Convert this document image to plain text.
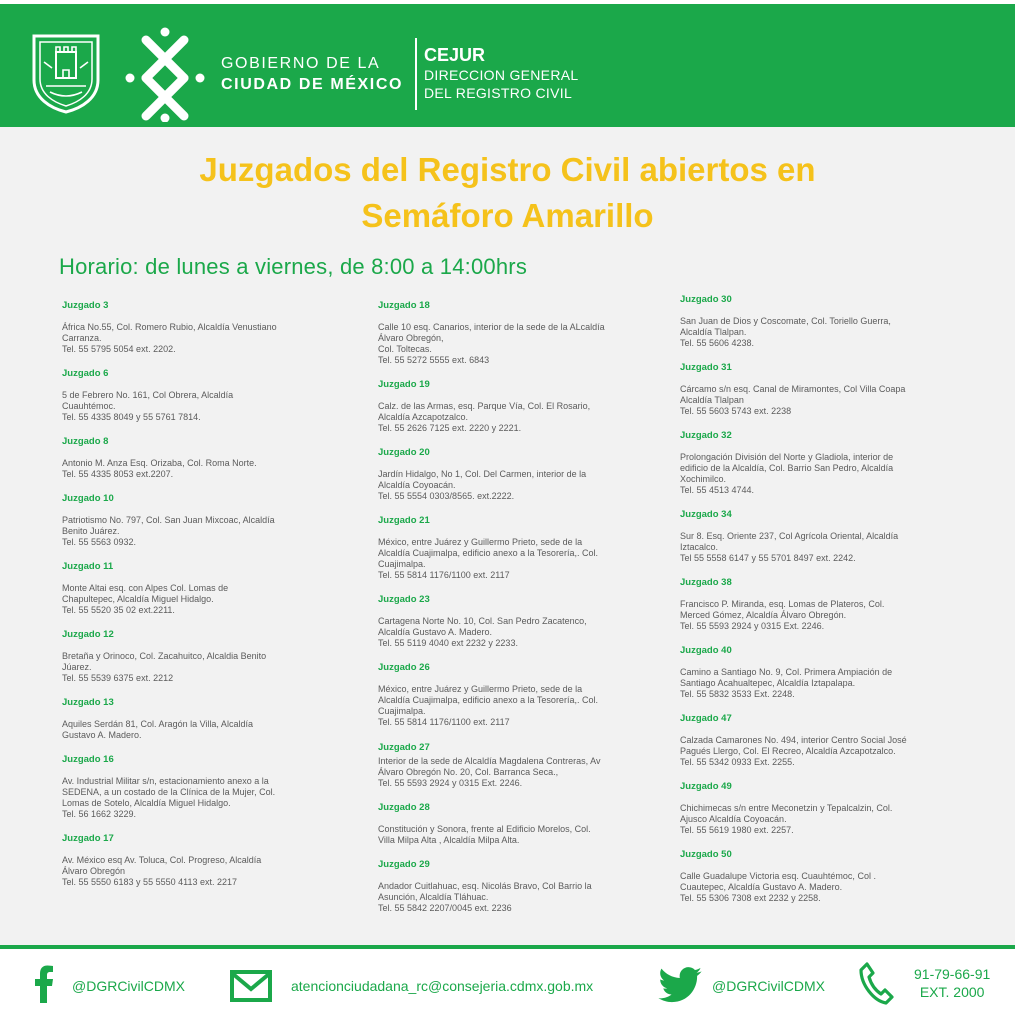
GOBIERNO DE LA
CIUDAD DE MÉXICO
CEJUR
DIRECCION GENERAL
DEL REGISTRO CIVIL
Juzgados del Registro Civil abiertos en
Semáforo Amarillo
Horario: de lunes a viernes, de 8:00 a 14:00hrs
Juzgado 3
África No.55, Col. Romero Rubio, Alcaldía Venustiano
Carranza.
Tel. 55 5795 5054 ext. 2202.
Juzgado 6
5 de Febrero No. 161, Col Obrera, Alcaldía
Cuauhtémoc.
Tel. 55 4335 8049 y 55 5761 7814.
Juzgado 8
Antonio M. Anza Esq. Orizaba, Col. Roma Norte.
Tel. 55 4335 8053 ext.2207.
Juzgado 10
Patriotismo No. 797, Col. San Juan Mixcoac, Alcaldía
Benito Juárez.
Tel. 55 5563 0932.
Juzgado 11
Monte Altai esq. con Alpes Col. Lomas de
Chapultepec, Alcaldía Miguel Hidalgo.
Tel. 55 5520 35 02 ext.2211.
Juzgado 12
Bretaña y Orinoco, Col. Zacahuitco, Alcaldia Benito
Júarez.
Tel. 55 5539 6375 ext. 2212
Juzgado 13
Aquiles Serdán 81, Col. Aragón la Villa, Alcaldía
Gustavo A. Madero.
Juzgado 16
Av. Industrial Militar s/n, estacionamiento anexo a la
SEDENA, a un costado de la Clínica de la Mujer, Col.
Lomas de Sotelo, Alcaldía Miguel Hidalgo.
Tel. 56 1662 3229.
Juzgado 17
Av. México esq Av. Toluca, Col. Progreso, Alcaldía
Álvaro Obregón
Tel. 55 5550 6183 y 55 5550 4113 ext. 2217
Juzgado 18
Calle 10 esq. Canarios, interior de la sede de la ALcaldía
Álvaro Obregón,
Col. Toltecas.
Tel. 55 5272 5555 ext. 6843
Juzgado 19
Calz. de las Armas, esq. Parque Vía, Col. El Rosario,
Alcaldía Azcapotzalco.
Tel. 55 2626 7125 ext. 2220 y 2221.
Juzgado 20
Jardín Hidalgo, No 1, Col. Del Carmen, interior de la
Alcaldía Coyoacán.
Tel. 55 5554 0303/8565. ext.2222.
Juzgado 21
México, entre Juárez y Guillermo Prieto, sede de la
Alcaldía Cuajimalpa, edificio anexo a la Tesorería,. Col.
Cuajimalpa.
Tel. 55 5814 1176/1100 ext. 2117
Juzgado 23
Cartagena Norte No. 10, Col. San Pedro Zacatenco,
Alcaldía Gustavo A. Madero.
Tel. 55 5119 4040 ext 2232 y 2233.
Juzgado 26
México, entre Juárez y Guillermo Prieto, sede de la
Alcaldía Cuajimalpa, edificio anexo a la Tesorería,. Col.
Cuajimalpa.
Tel. 55 5814 1176/1100 ext. 2117
Juzgado 27
Interior de la sede de Alcaldía Magdalena Contreras, Av
Álvaro Obregón No. 20, Col. Barranca Seca.,
Tel. 55 5593 2924 y 0315 Ext. 2246.
Juzgado 28
Constitución y Sonora, frente al Edificio Morelos, Col.
Villa Milpa Alta , Alcaldía Milpa Alta.
Juzgado 29
Andador Cuitlahuac, esq. Nicolás Bravo, Col Barrio la
Asunción, Alcaldía Tláhuac.
Tel. 55 5842 2207/0045 ext. 2236
Juzgado 30
San Juan de Dios y Coscomate, Col. Toriello Guerra,
Alcaldía Tlalpan.
Tel. 55 5606 4238.
Juzgado 31
Cárcamo s/n esq. Canal de Miramontes, Col Villa Coapa
Alcaldía Tlalpan
Tel. 55 5603 5743 ext. 2238
Juzgado 32
Prolongación División del Norte y Gladiola, interior de
edificio de la Alcaldía, Col. Barrio San Pedro, Alcaldía
Xochimilco.
Tel. 55 4513 4744.
Juzgado 34
Sur 8. Esq. Oriente 237, Col Agrícola Oriental, Alcaldía
Iztacalco.
Tel 55 5558 6147 y 55 5701 8497 ext. 2242.
Juzgado 38
Francisco P. Miranda, esq. Lomas de Plateros, Col.
Merced Gómez, Alcaldía Álvaro Obregón.
Tel. 55 5593 2924 y 0315 Ext. 2246.
Juzgado 40
Camino a Santiago No. 9, Col. Primera Ampiación de
Santiago Acahualtepec, Alcaldía Iztapalapa.
Tel. 55 5832 3533 Ext. 2248.
Juzgado 47
Calzada Camarones No. 494, interior Centro Social José
Pagués Llergo, Col. El Recreo, Alcaldía Azcapotzalco.
Tel. 55 5342 0933 Ext. 2255.
Juzgado 49
Chichimecas s/n entre Meconetzin y Tepalcalzin, Col.
Ajusco Alcaldía Coyoacán.
Tel. 55 5619 1980 ext. 2257.
Juzgado 50
Calle Guadalupe Victoria esq. Cuauhtémoc, Col .
Cuautepec, Alcaldía Gustavo A. Madero.
Tel. 55 5306 7308 ext 2232 y 2258.
@DGRCivilCDMX	atencionciudadana_rc@consejeria.cdmx.gob.mx	@DGRCivilCDMX
91-79-66-91
EXT. 2000
